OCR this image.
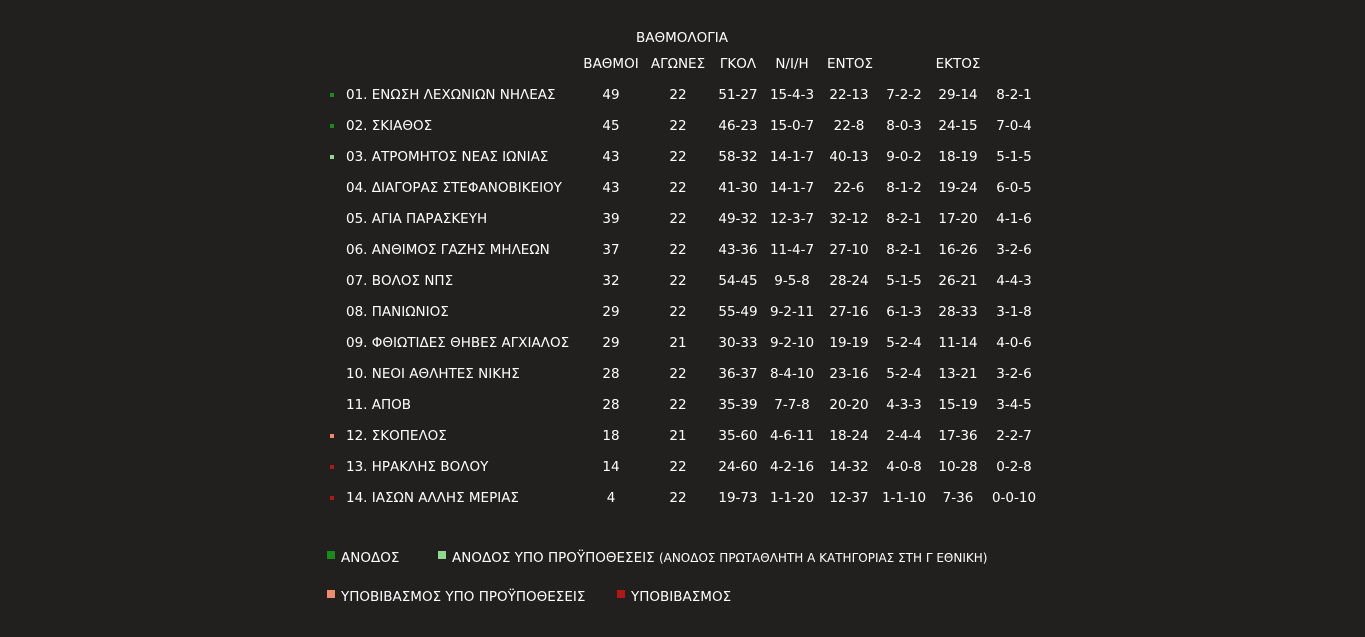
ΒΑΘΜΟΛΟΓΙΑ
ΒΑΘΜΟΙ ΑΓΩΝΕΣ ΓΚΟΛ Ν/Ι/Η ΕΝΤΟΣ	ΕΚΤΟΣ
01. ΕΝΩΣΗ ΛΕΧΩΝΙΩΝ ΝΗΛΕΑΣ	49	22 51-27 15-4-3 22-13 7-2-2 29-14 8-2-1
02. ΣΚΙΑΘΟΣ	45	22 46-23 15-0-7 22-8 8-0-3 24-15 7-0-4
03. ΑΤΡΟΜΗΤΟΣ ΝΕΑΣ ΙΩΝΙΑΣ	43	22 58-32 14-1-7 40-13 9-0-2 18-19 5-1-5
04. ΔΙΑΓΟΡΑΣ ΣΤΕΦΑΝΟΒΙΚΕΙΟΥ	43	22 41-30 14-1-7 22-6 8-1-2 19-24 6-0-5
05. ΑΓΙΑ ΠΑΡΑΣΚΕΥΗ	39	22 49-32 12-3-7 32-12 8-2-1 17-20 4-1-6
06. ΑΝΘΙΜΟΣ ΓΑΖΗΣ ΜΗΛΕΩΝ	37	22 43-36 11-4-7 27-10 8-2-1 16-26 3-2-6
07. ΒΟΛΟΣ ΝΠΣ	32	22 54-45 9-5-8 28-24 5-1-5 26-21 4-4-3
08. ΠΑΝΙΩΝΙΟΣ	29	22 55-49 9-2-11 27-16 6-1-3 28-33 3-1-8
09. ΦΘΙΩΤΙΔΕΣ ΘΗΒΕΣ ΑΓΧΙΑΛΟΣ 29	21 30-33 9-2-10 19-19 5-2-4 11-14 4-0-6
10. ΝΕΟΙ ΑΘΛΗΤΕΣ ΝΙΚΗΣ	28	22 36-37 8-4-10 23-16 5-2-4 13-21 3-2-6
11. ΑΠΟΒ	28	22 35-39 7-7-8 20-20 4-3-3 15-19 3-4-5
12. ΣΚΟΠΕΛΟΣ	18	21 35-60 4-6-11 18-24 2-4-4 17-36 2-2-7
13. ΗΡΑΚΛΗΣ ΒΟΛΟΥ	14	22 24-60 4-2-16 14-32 4-0-8 10-28 0-2-8
14. ΙΑΣΩΝ ΑΛΛΗΣ ΜΕΡΙΑΣ	4	22 19-73 1-1-20 12-37 1-1-10 7-36 0-0-10
ΑΝΟΔΟΣ	ΑΝΟΔΟΣ ΥΠΟ ΠΡΟΫΠΟΘΕΣΕΙΣ (ΑΝΟΔΟΣ ΠΡΩΤΑΘΛΗΤΗ Α ΚΑΤΗΓΟΡΙΑΣ ΣΤΗ Γ ΕΘΝΙΚΗ)
ΥΠΟΒΙΒΑΣΜΟΣ ΥΠΟ ΠΡΟΫΠΟΘΕΣΕΙΣ	ΥΠΟΒΙΒΑΣΜΟΣ
